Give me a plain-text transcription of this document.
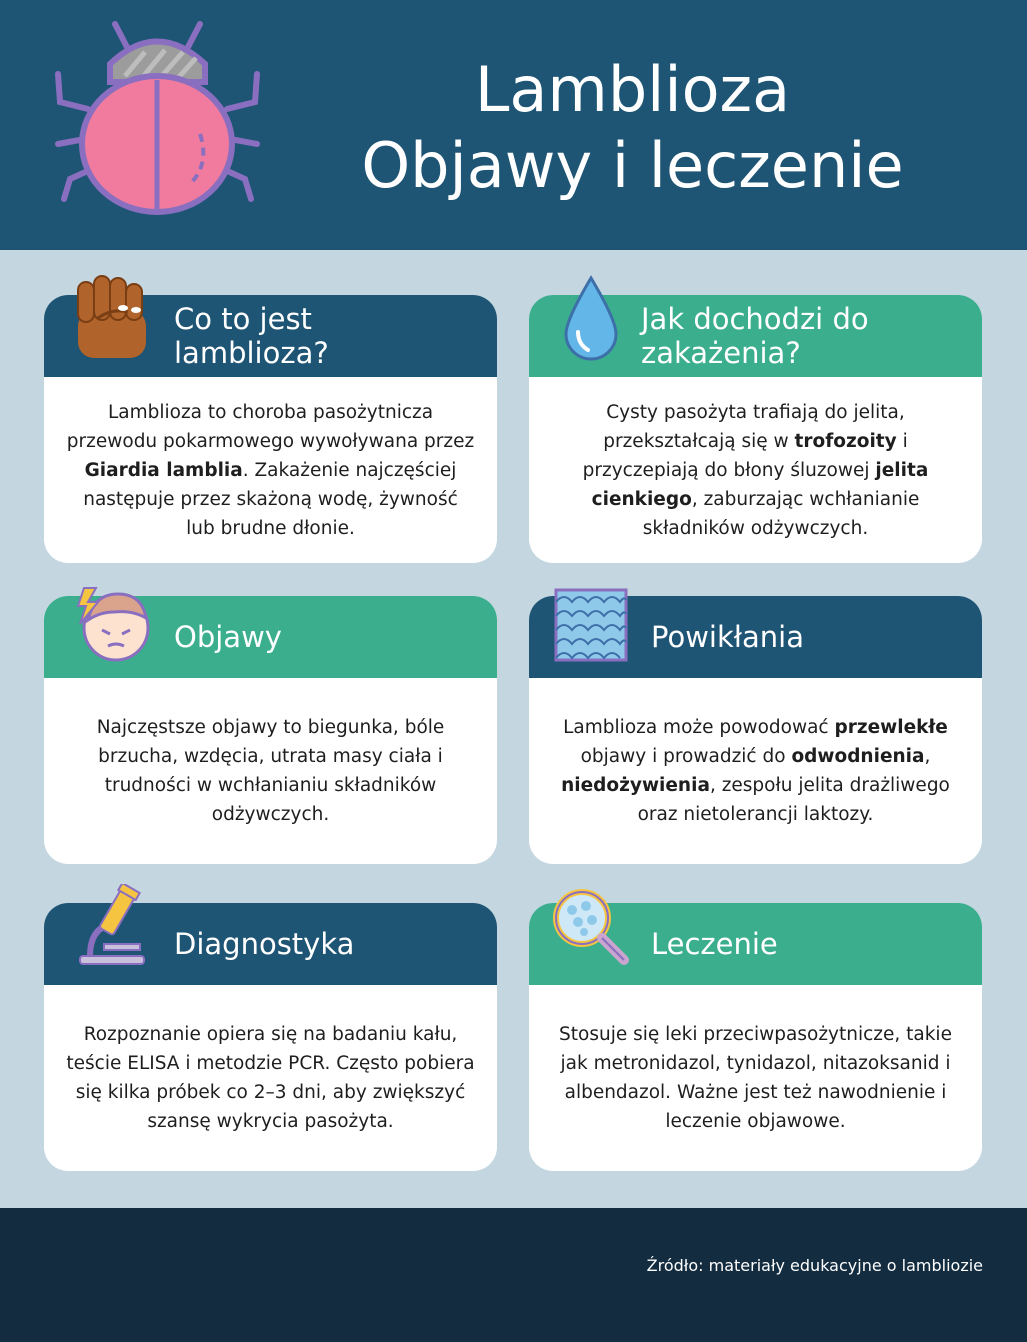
Lamblioza
Objawy i leczenie
Co to jest
lamblioza?

Lamblioza to choroba pasożytnicza przewodu pokarmowego wywoływana przez Giardia lamblia. Zakażenie najczęściej następuje przez skażoną wodę, żywność lub brudne dłonie.

Jak dochodzi do
zakażenia?

Cysty pasożyta trafiają do jelita, przekształcają się w trofozoity i przyczepiają do błony śluzowej jelita cienkiego, zaburzając wchłanianie składników odżywczych.

Objawy

Najczęstsze objawy to biegunka, bóle brzucha, wzdęcia, utrata masy ciała i trudności w wchłanianiu składników odżywczych.

Powikłania

Lamblioza może powodować przewlekłe objawy i prowadzić do odwodnienia, niedożywienia, zespołu jelita drażliwego oraz nietolerancji laktozy.

Diagnostyka

Rozpoznanie opiera się na badaniu kału, teście ELISA i metodzie PCR. Często pobiera się kilka próbek co 2–3 dni, aby zwiększyć szansę wykrycia pasożyta.

Leczenie

Stosuje się leki przeciwpasożytnicze, takie jak metronidazol, tynidazol, nitazoksanid i albendazol. Ważne jest też nawodnienie i leczenie objawowe.

Źródło: materiały edukacyjne o lambliozie
